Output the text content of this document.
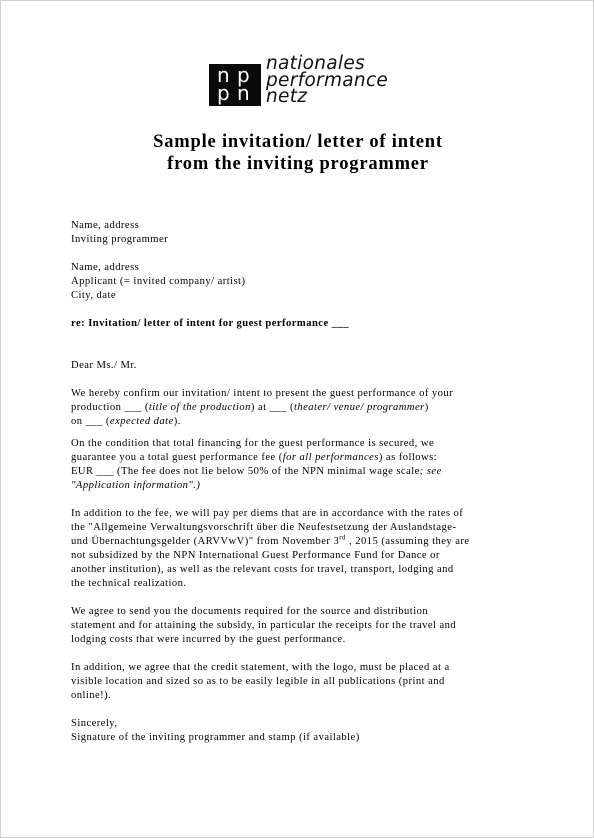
n p
p n
nationales
performance
netz
Sample invitation/ letter of intent
from the inviting programmer
Name, address
Inviting programmer
Name, address
Applicant (= invited company/ artist)
City, date
re: Invitation/ letter of intent for guest performance ___
Dear Ms./ Mr.
We hereby confirm our invitation/ intent to present the guest performance of your
production ___ (title of the production) at ___ (theater/ venue/ programmer)
on ___ (expected date).
On the condition that total financing for the guest performance is secured, we
guarantee you a total guest performance fee (for all performances) as follows:
EUR ___ (The fee does not lie below 50% of the NPN minimal wage scale; see
"Application information".)
In addition to the fee, we will pay per diems that are in accordance with the rates of
the "Allgemeine Verwaltungsvorschrift über die Neufestsetzung der Auslandstage-
und Übernachtungsgelder (ARVVwV)" from November 3rd , 2015 (assuming they are
not subsidized by the NPN International Guest Performance Fund for Dance or
another institution), as well as the relevant costs for travel, transport, lodging and
the technical realization.
We agree to send you the documents required for the source and distribution
statement and for attaining the subsidy, in particular the receipts for the travel and
lodging costs that were incurred by the guest performance.
In addition, we agree that the credit statement, with the logo, must be placed at a
visible location and sized so as to be easily legible in all publications (print and
online!).
Sincerely,
Signature of the inviting programmer and stamp (if available)
